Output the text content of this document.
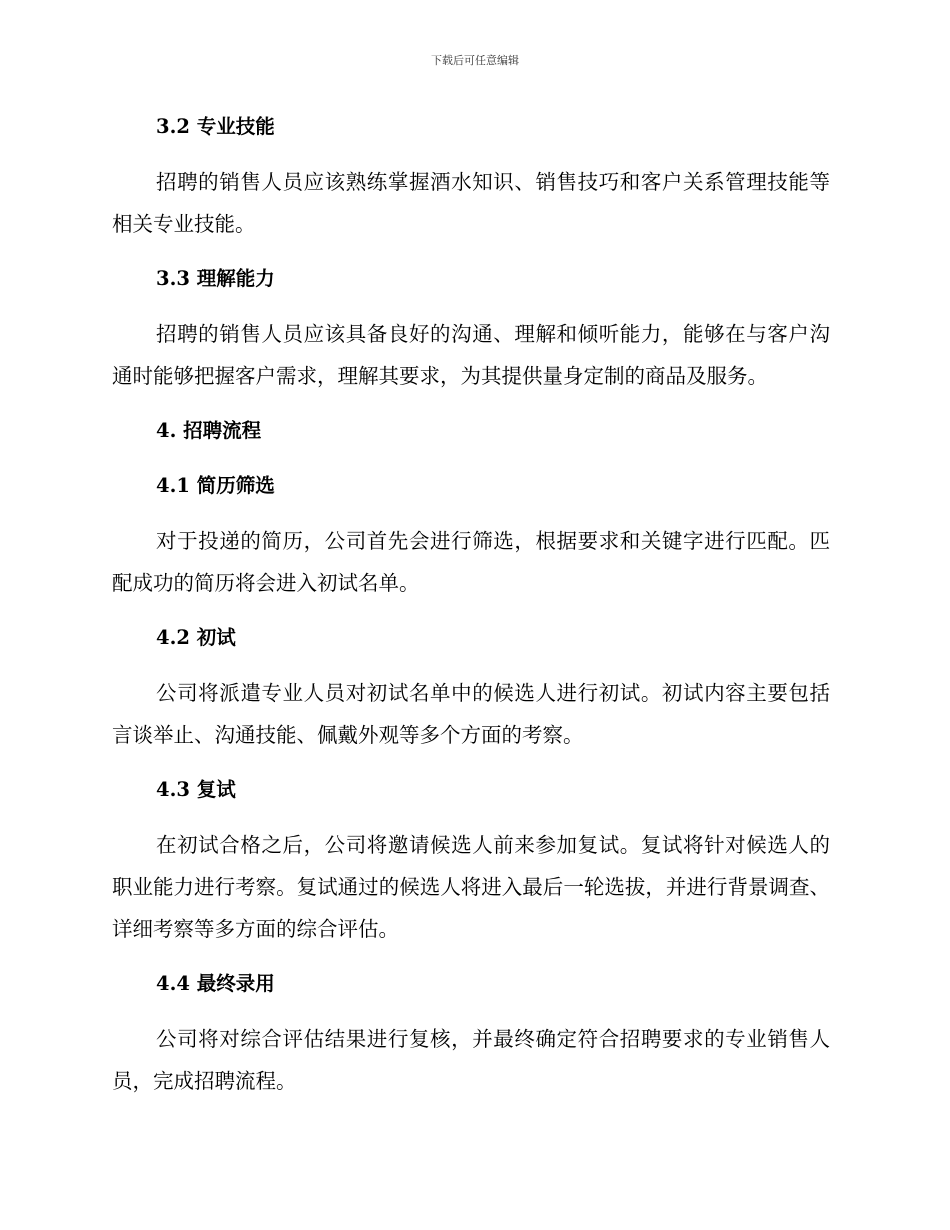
下载后可任意编辑
3.2 专业技能
招聘的销售人员应该熟练掌握酒水知识、销售技巧和客户关系管理技能等相关专业技能。
3.3 理解能力
招聘的销售人员应该具备良好的沟通、理解和倾听能力，能够在与客户沟通时能够把握客户需求，理解其要求，为其提供量身定制的商品及服务。
4. 招聘流程
4.1 简历筛选
对于投递的简历，公司首先会进行筛选，根据要求和关键字进行匹配。匹配成功的简历将会进入初试名单。
4.2 初试
公司将派遣专业人员对初试名单中的候选人进行初试。初试内容主要包括言谈举止、沟通技能、佩戴外观等多个方面的考察。
4.3 复试
在初试合格之后，公司将邀请候选人前来参加复试。复试将针对候选人的职业能力进行考察。复试通过的候选人将进入最后一轮选拔，并进行背景调查、详细考察等多方面的综合评估。
4.4 最终录用
公司将对综合评估结果进行复核，并最终确定符合招聘要求的专业销售人员，完成招聘流程。
